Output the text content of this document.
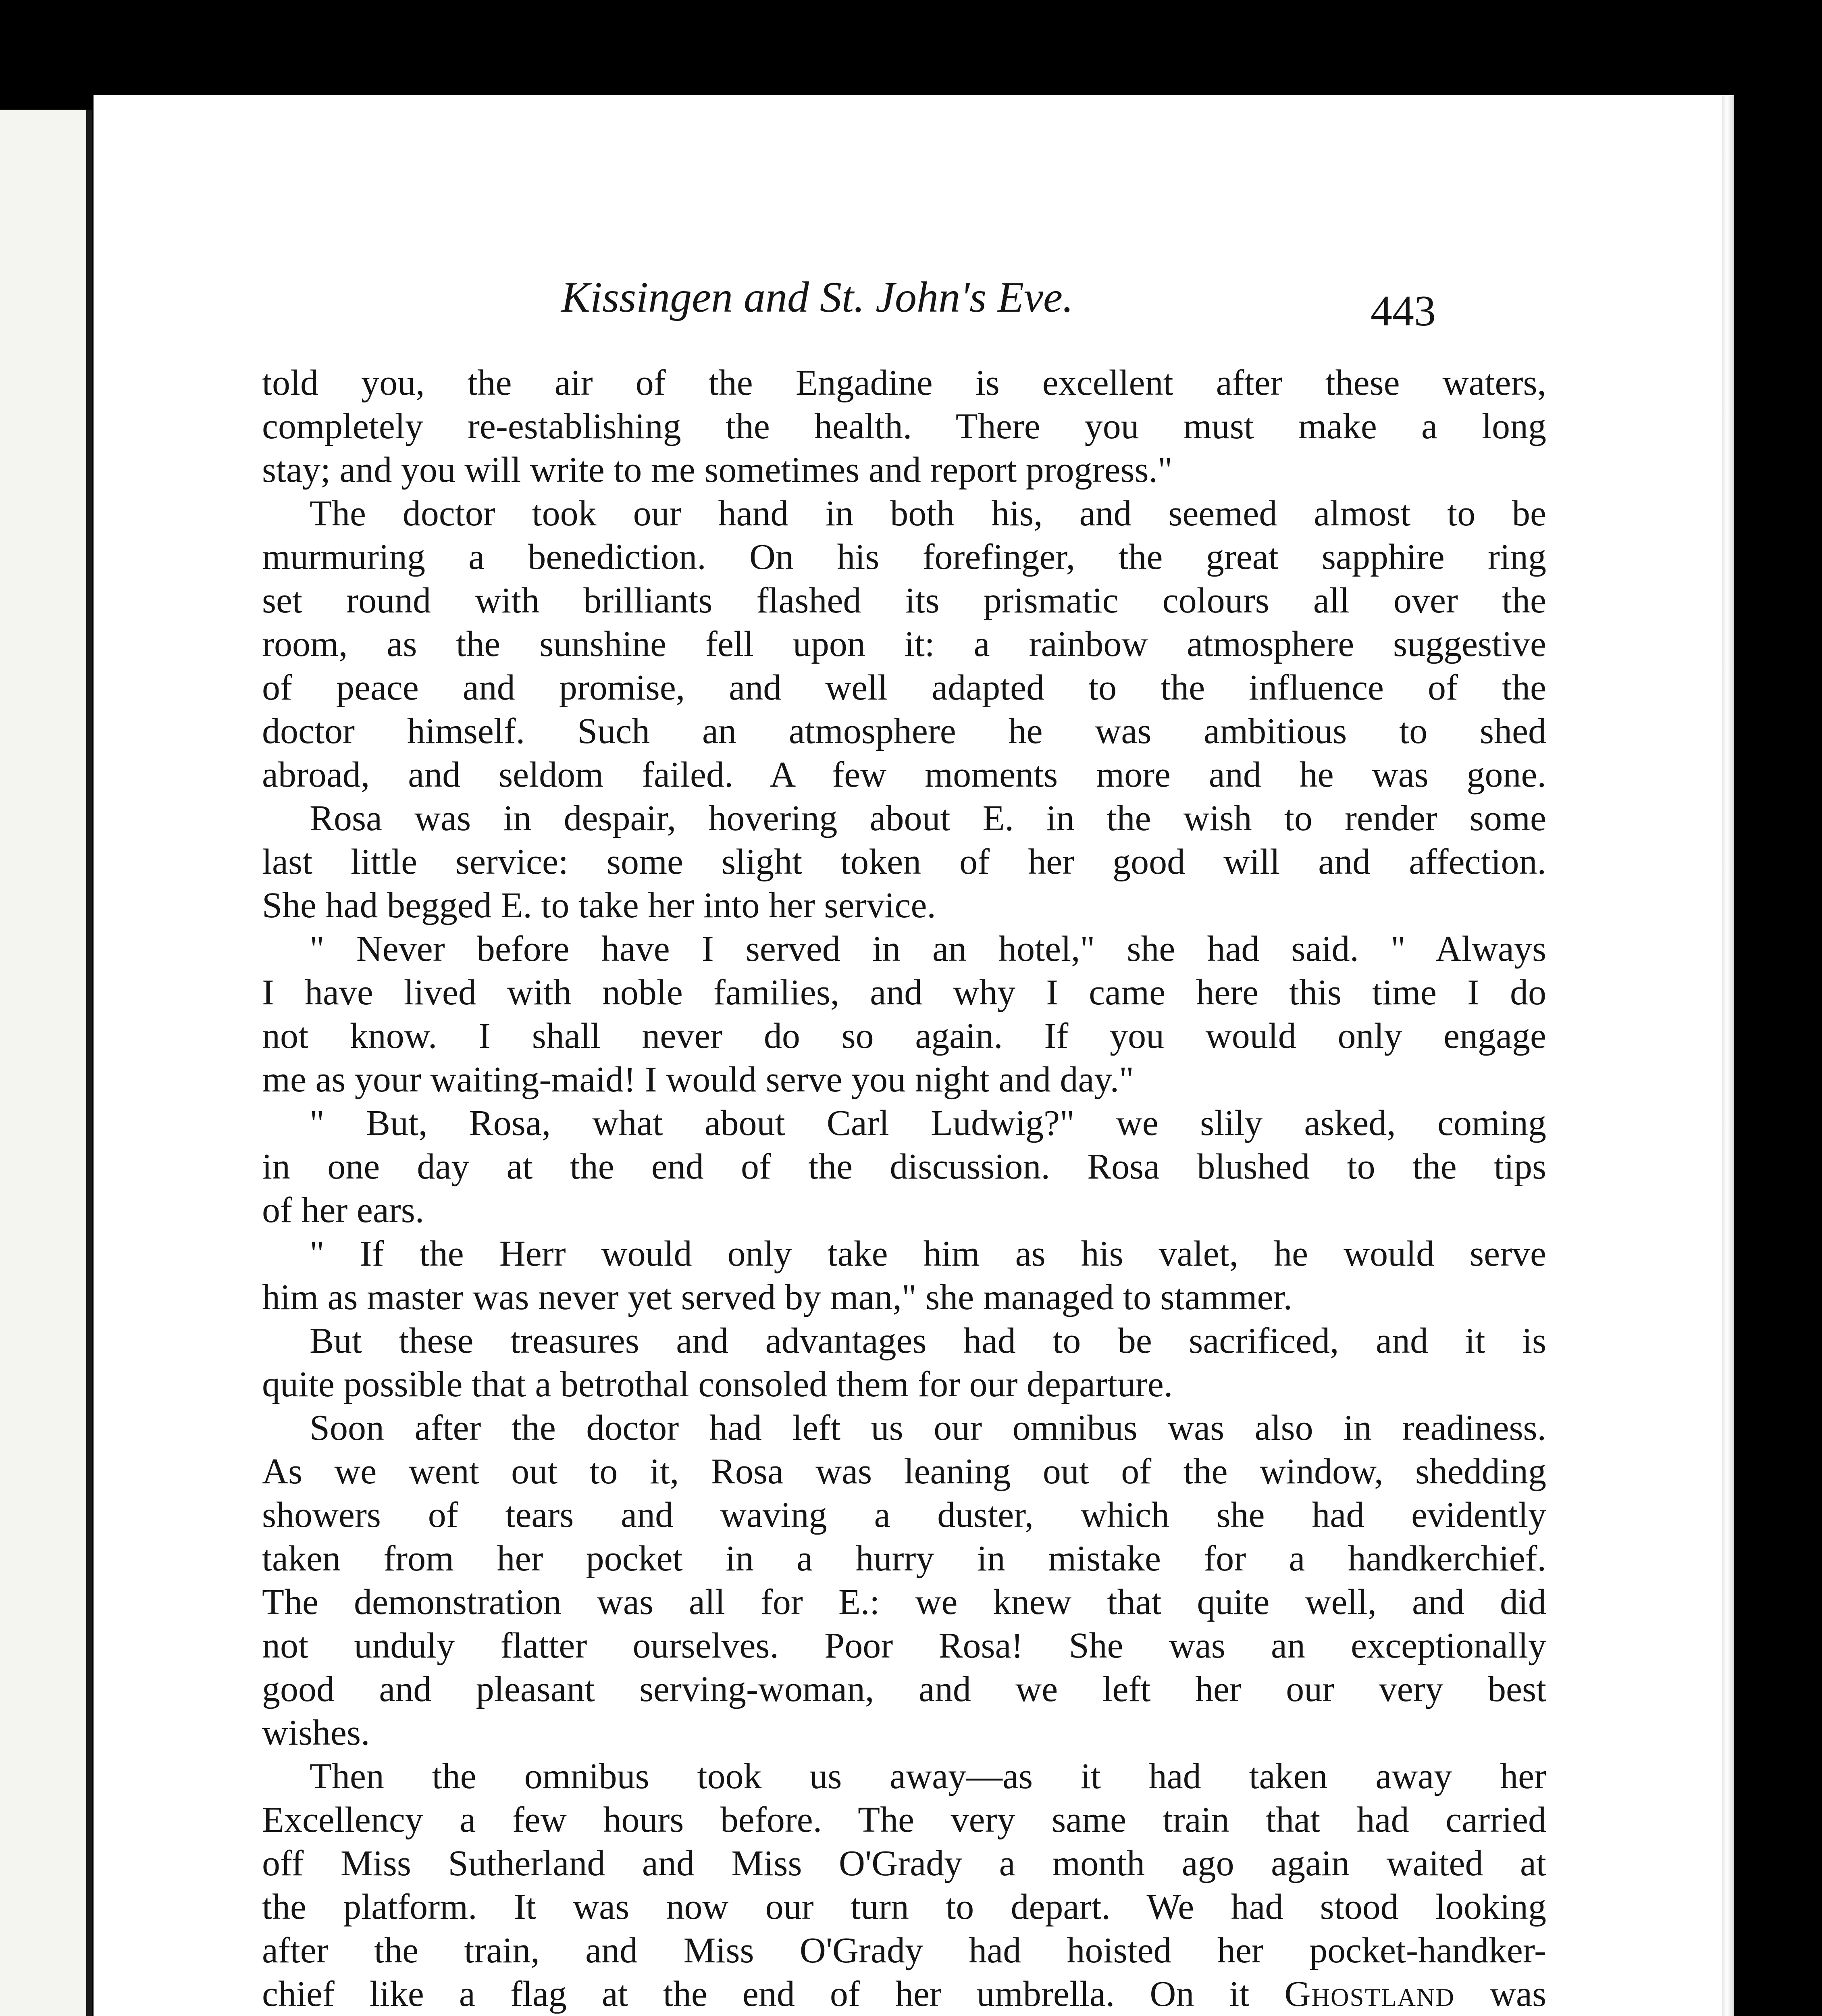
Kissingen and St. John's Eve.	443
told you, the air of the Engadine is excellent after these waters,
completely re-establishing the health. There you must make a long
stay; and you will write to me sometimes and report progress."
The doctor took our hand in both his, and seemed almost to be
murmuring a benediction. On his forefinger, the great sapphire ring
set round with brilliants flashed its prismatic colours all over the
room, as the sunshine fell upon it: a rainbow atmosphere suggestive
of peace and promise, and well adapted to the influence of the
doctor himself. Such an atmosphere he was ambitious to shed
abroad, and seldom failed. A few moments more and he was gone.
Rosa was in despair, hovering about E. in the wish to render some
last little service: some slight token of her good will and affection.
She had begged E. to take her into her service.
" Never before have I served in an hotel," she had said. " Always
I have lived with noble families, and why I came here this time I do
not know. I shall never do so again. If you would only engage
me as your waiting-maid! I would serve you night and day."
" But, Rosa, what about Carl Ludwig?" we slily asked, coming
in one day at the end of the discussion. Rosa blushed to the tips
of her ears.
" If the Herr would only take him as his valet, he would serve
him as master was never yet served by man," she managed to stammer.
But these treasures and advantages had to be sacrificed, and it is
quite possible that a betrothal consoled them for our departure.
Soon after the doctor had left us our omnibus was also in readiness.
As we went out to it, Rosa was leaning out of the window, shedding
showers of tears and waving a duster, which she had evidently
taken from her pocket in a hurry in mistake for a handkerchief.
The demonstration was all for E.: we knew that quite well, and did
not unduly flatter ourselves. Poor Rosa! She was an exceptionally
good and pleasant serving-woman, and we left her our very best
wishes.
Then the omnibus took us away—as it had taken away her
Excellency a few hours before. The very same train that had carried
off Miss Sutherland and Miss O'Grady a month ago again waited at
the platform. It was now our turn to depart. We had stood looking
after the train, and Miss O'Grady had hoisted her pocket-handker-
chief like a flag at the end of her umbrella. On it Ghostland was
